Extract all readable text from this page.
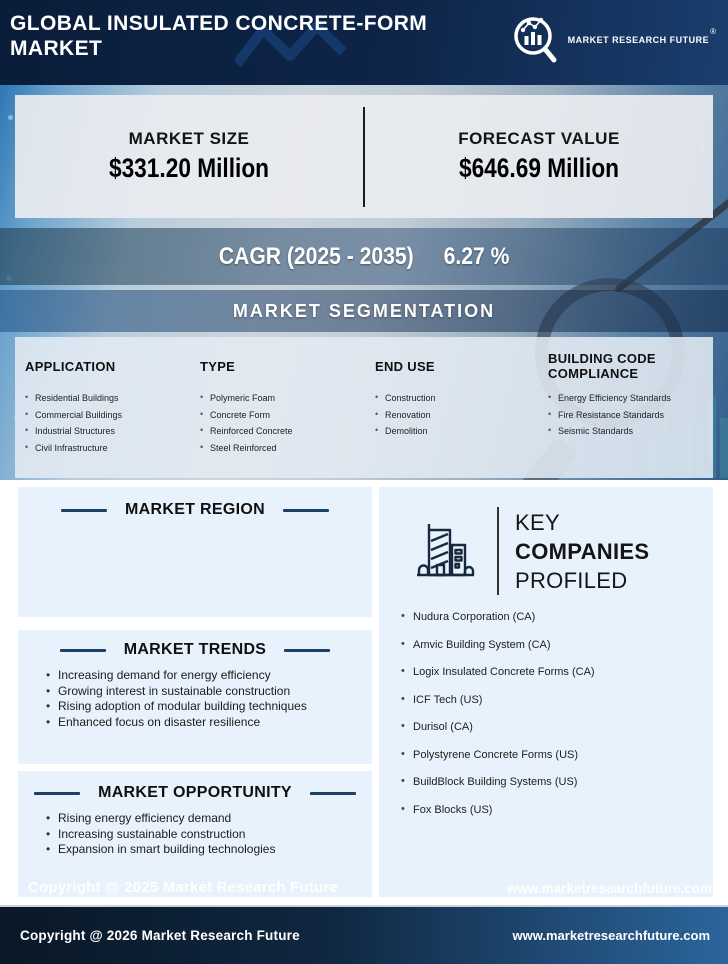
GLOBAL INSULATED CONCRETE-FORM
MARKET	MARKET RESEARCH FUTURE
®
MARKET SIZE
$331.20 Million
FORECAST VALUE
$646.69 Million
CAGR (2025 - 2035) 6.27 %
MARKET SEGMENTATION
APPLICATION
• Residential Buildings
• Commercial Buildings
• Industrial Structures
• Civil Infrastructure
TYPE
• Polymeric Foam
• Concrete Form
• Reinforced Concrete
• Steel Reinforced
END USE
• Construction
• Renovation
• Demolition
BUILDING CODE COMPLIANCE
• Energy Efficiency Standards
• Fire Resistance Standards
• Seismic Standards
MARKET REGION
MARKET TRENDS
• Increasing demand for energy efficiency
• Growing interest in sustainable construction
• Rising adoption of modular building techniques
• Enhanced focus on disaster resilience
MARKET OPPORTUNITY
• Rising energy efficiency demand
• Increasing sustainable construction
• Expansion in smart building technologies
KEY
COMPANIES
PROFILED
• Nudura Corporation (CA)
• Amvic Building System (CA)
• Logix Insulated Concrete Forms (CA)
• ICF Tech (US)
• Durisol (CA)
• Polystyrene Concrete Forms (US)
• BuildBlock Building Systems (US)
• Fox Blocks (US)
Copyright @ 2025 Market Research Future	www.marketresearchfuture.com
Copyright @ 2026 Market Research Future	www.marketresearchfuture.com
